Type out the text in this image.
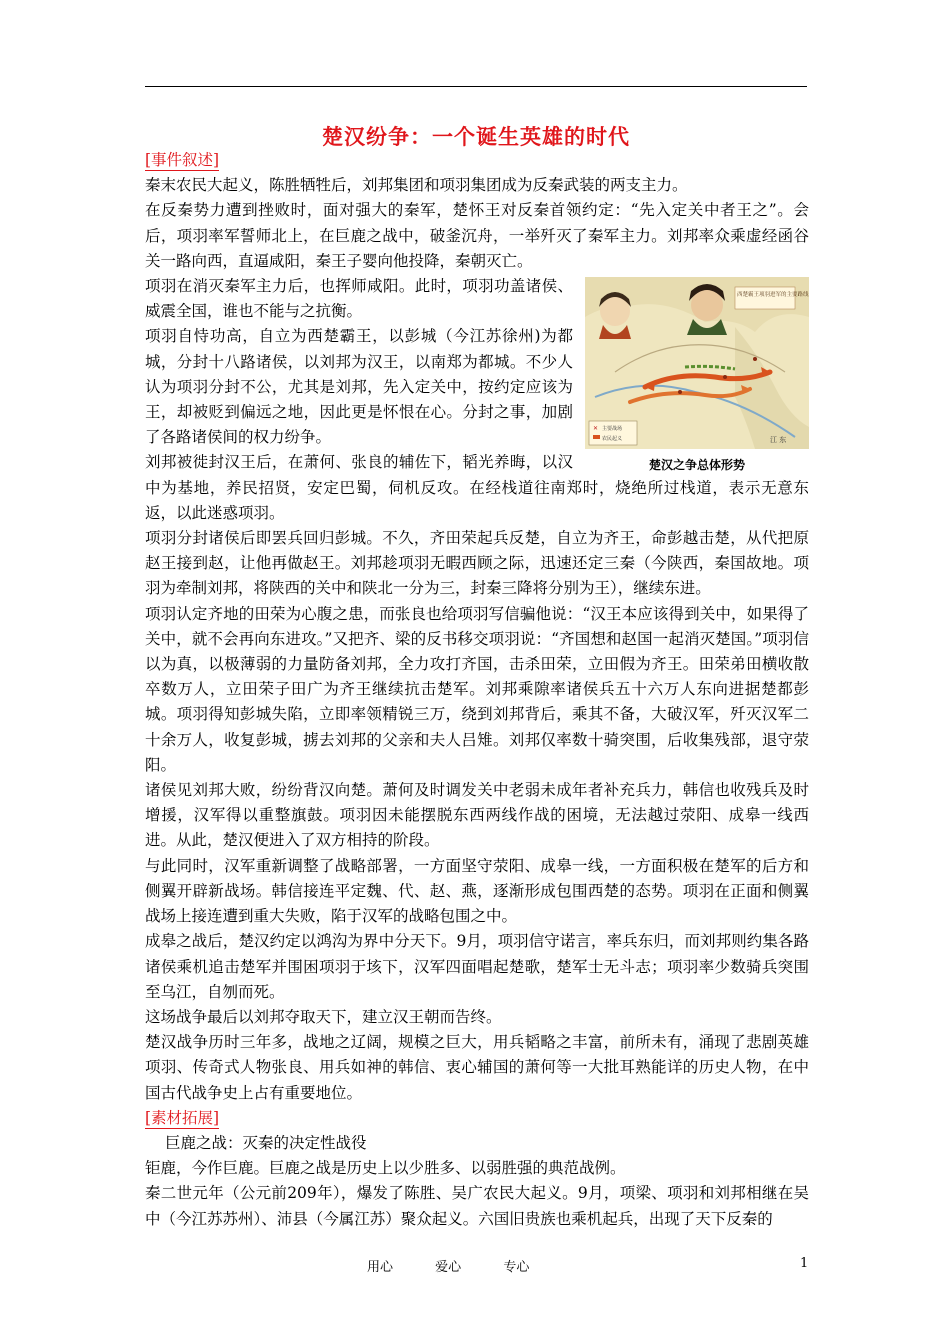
楚汉纷争：一个诞生英雄的时代
[事件叙述]

秦末农民大起义，陈胜牺牲后，刘邦集团和项羽集团成为反秦武装的两支主力。

在反秦势力遭到挫败时，面对强大的秦军，楚怀王对反秦首领约定：“先入定关中者王之”。会后，项羽率军誓师北上，在巨鹿之战中，破釜沉舟，一举歼灭了秦军主力。刘邦率众乘虚经函谷关一路向西，直逼咸阳，秦王子婴向他投降，秦朝灭亡。

西楚霸王项羽进军的主要路线
✕ 主要战场
农民起义	江 东
楚汉之争总体形势

项羽在消灭秦军主力后，也挥师咸阳。此时，项羽功盖诸侯、威震全国，谁也不能与之抗衡。

项羽自恃功高，自立为西楚霸王，以彭城（今江苏徐州)为都城，分封十八路诸侯，以刘邦为汉王，以南郑为都城。不少人认为项羽分封不公，尤其是刘邦，先入定关中，按约定应该为王，却被贬到偏远之地，因此更是怀恨在心。分封之事，加剧了各路诸侯间的权力纷争。

刘邦被徙封汉王后，在萧何、张良的辅佐下，韬光养晦，以汉中为基地，养民招贤，安定巴蜀，伺机反攻。在经栈道往南郑时，烧绝所过栈道，表示无意东返，以此迷惑项羽。

项羽分封诸侯后即罢兵回归彭城。不久，齐田荣起兵反楚，自立为齐王，命彭越击楚，从代把原赵王接到赵，让他再做赵王。刘邦趁项羽无暇西顾之际，迅速还定三秦（今陕西，秦国故地。项羽为牵制刘邦，将陕西的关中和陕北一分为三，封秦三降将分别为王），继续东进。

项羽认定齐地的田荣为心腹之患，而张良也给项羽写信骗他说：“汉王本应该得到关中，如果得了关中，就不会再向东进攻。”又把齐、梁的反书移交项羽说：“齐国想和赵国一起消灭楚国。”项羽信以为真，以极薄弱的力量防备刘邦，全力攻打齐国，击杀田荣，立田假为齐王。田荣弟田横收散卒数万人，立田荣子田广为齐王继续抗击楚军。刘邦乘隙率诸侯兵五十六万人东向进据楚都彭城。项羽得知彭城失陷，立即率领精锐三万，绕到刘邦背后，乘其不备，大破汉军，歼灭汉军二十余万人，收复彭城，掳去刘邦的父亲和夫人吕雉。刘邦仅率数十骑突围，后收集残部，退守荥阳。

诸侯见刘邦大败，纷纷背汉向楚。萧何及时调发关中老弱未成年者补充兵力，韩信也收残兵及时增援，汉军得以重整旗鼓。项羽因未能摆脱东西两线作战的困境，无法越过荥阳、成皋一线西进。从此，楚汉便进入了双方相持的阶段。

与此同时，汉军重新调整了战略部署，一方面坚守荥阳、成皋一线，一方面积极在楚军的后方和侧翼开辟新战场。韩信接连平定魏、代、赵、燕，逐渐形成包围西楚的态势。项羽在正面和侧翼战场上接连遭到重大失败，陷于汉军的战略包围之中。

成皋之战后，楚汉约定以鸿沟为界中分天下。9月，项羽信守诺言，率兵东归，而刘邦则约集各路诸侯乘机追击楚军并围困项羽于垓下，汉军四面唱起楚歌，楚军士无斗志；项羽率少数骑兵突围至乌江，自刎而死。

这场战争最后以刘邦夺取天下，建立汉王朝而告终。

楚汉战争历时三年多，战地之辽阔，规模之巨大，用兵韬略之丰富，前所未有，涌现了悲剧英雄项羽、传奇式人物张良、用兵如神的韩信、衷心辅国的萧何等一大批耳熟能详的历史人物，在中国古代战争史上占有重要地位。

[素材拓展]

巨鹿之战：灭秦的决定性战役

钜鹿，今作巨鹿。巨鹿之战是历史上以少胜多、以弱胜强的典范战例。

秦二世元年（公元前209年），爆发了陈胜、吴广农民大起义。9月，项梁、项羽和刘邦相继在吴中（今江苏苏州）、沛县（今属江苏）聚众起义。六国旧贵族也乘机起兵，出现了天下反秦的

用心	爱心	专心	1
